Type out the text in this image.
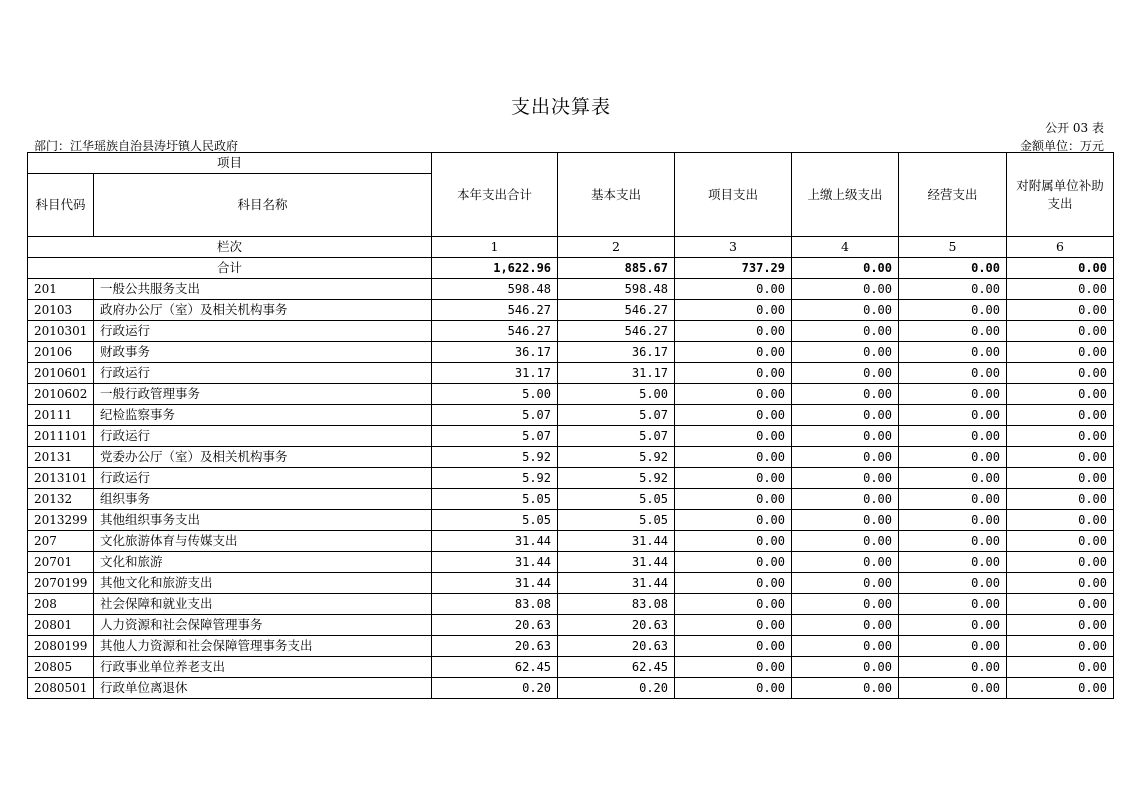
支出决算表
公开 03 表
部门：江华瑶族自治县涛圩镇人民政府	金额单位：万元
项目		本年支出合计	基本支出	项目支出	上缴上级支出	经营支出	对附属单位补助支出
科目代码	科目名称						
栏次		1	2	3	4	5	6
合计		1,622.96	885.67	737.29	0.00	0.00	0.00
201	一般公共服务支出	598.48	598.48	0.00	0.00	0.00	0.00
20103	政府办公厅（室）及相关机构事务	546.27	546.27	0.00	0.00	0.00	0.00
2010301	行政运行	546.27	546.27	0.00	0.00	0.00	0.00
20106	财政事务	36.17	36.17	0.00	0.00	0.00	0.00
2010601	行政运行	31.17	31.17	0.00	0.00	0.00	0.00
2010602	一般行政管理事务	5.00	5.00	0.00	0.00	0.00	0.00
20111	纪检监察事务	5.07	5.07	0.00	0.00	0.00	0.00
2011101	行政运行	5.07	5.07	0.00	0.00	0.00	0.00
20131	党委办公厅（室）及相关机构事务	5.92	5.92	0.00	0.00	0.00	0.00
2013101	行政运行	5.92	5.92	0.00	0.00	0.00	0.00
20132	组织事务	5.05	5.05	0.00	0.00	0.00	0.00
2013299	其他组织事务支出	5.05	5.05	0.00	0.00	0.00	0.00
207	文化旅游体育与传媒支出	31.44	31.44	0.00	0.00	0.00	0.00
20701	文化和旅游	31.44	31.44	0.00	0.00	0.00	0.00
2070199	其他文化和旅游支出	31.44	31.44	0.00	0.00	0.00	0.00
208	社会保障和就业支出	83.08	83.08	0.00	0.00	0.00	0.00
20801	人力资源和社会保障管理事务	20.63	20.63	0.00	0.00	0.00	0.00
2080199	其他人力资源和社会保障管理事务支出	20.63	20.63	0.00	0.00	0.00	0.00
20805	行政事业单位养老支出	62.45	62.45	0.00	0.00	0.00	0.00
2080501	行政单位离退休	0.20	0.20	0.00	0.00	0.00	0.00
